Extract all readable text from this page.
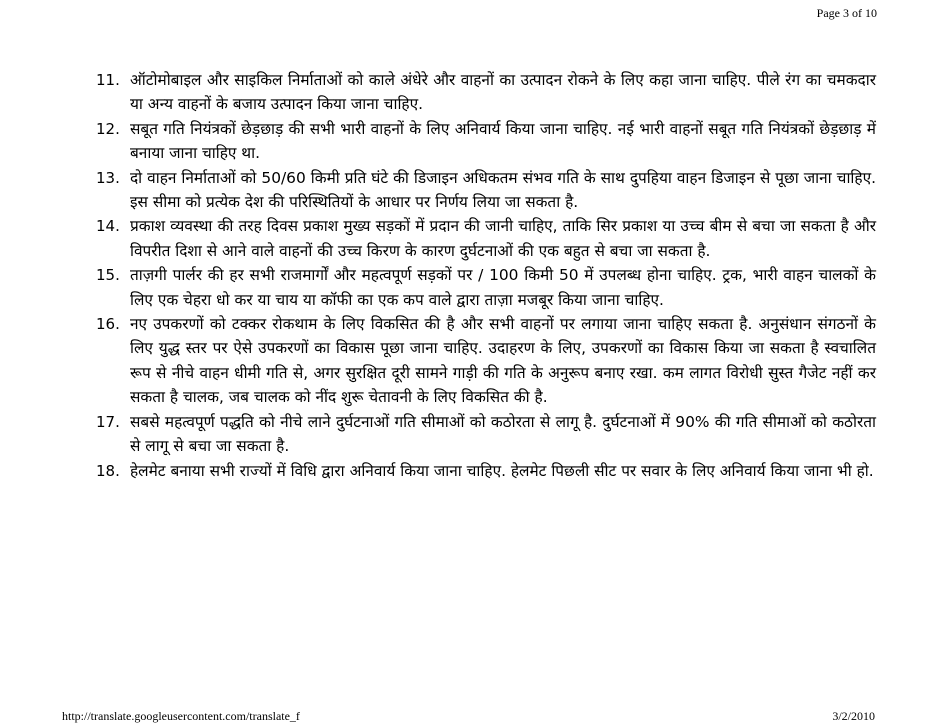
Page 3 of 10
11. ऑटोमोबाइल और साइकिल निर्माताओं को काले अंधेरे और वाहनों का उत्पादन रोकने के लिए कहा जाना चाहिए. पीले रंग का चमकदार या अन्य वाहनों के बजाय उत्पादन किया जाना चाहिए.
12. सबूत गति नियंत्रकों छेड़छाड़ की सभी भारी वाहनों के लिए अनिवार्य किया जाना चाहिए. नई भारी वाहनों सबूत गति नियंत्रकों छेड़छाड़ में बनाया जाना चाहिए था.
13. दो वाहन निर्माताओं को 50/60 किमी प्रति घंटे की डिजाइन अधिकतम संभव गति के साथ दुपहिया वाहन डिजाइन से पूछा जाना चाहिए. इस सीमा को प्रत्येक देश की परिस्थितियों के आधार पर निर्णय लिया जा सकता है.
14. प्रकाश व्यवस्था की तरह दिवस प्रकाश मुख्य सड़कों में प्रदान की जानी चाहिए, ताकि सिर प्रकाश या उच्च बीम से बचा जा सकता है और विपरीत दिशा से आने वाले वाहनों की उच्च किरण के कारण दुर्घटनाओं की एक बहुत से बचा जा सकता है.
15. ताज़गी पार्लर की हर सभी राजमार्गों और महत्वपूर्ण सड़कों पर / 100 किमी 50 में उपलब्ध होना चाहिए. ट्रक, भारी वाहन चालकों के लिए एक चेहरा धो कर या चाय या कॉफी का एक कप वाले द्वारा ताज़ा मजबूर किया जाना चाहिए.
16. नए उपकरणों को टक्कर रोकथाम के लिए विकसित की है और सभी वाहनों पर लगाया जाना चाहिए सकता है. अनुसंधान संगठनों के लिए युद्ध स्तर पर ऐसे उपकरणों का विकास पूछा जाना चाहिए. उदाहरण के लिए, उपकरणों का विकास किया जा सकता है स्वचालित रूप से नीचे वाहन धीमी गति से, अगर सुरक्षित दूरी सामने गाड़ी की गति के अनुरूप बनाए रखा. कम लागत विरोधी सुस्त गैजेट नहीं कर सकता है चालक, जब चालक को नींद शुरू चेतावनी के लिए विकसित की है.
17. सबसे महत्वपूर्ण पद्धति को नीचे लाने दुर्घटनाओं गति सीमाओं को कठोरता से लागू है. दुर्घटनाओं में 90% की गति सीमाओं को कठोरता से लागू से बचा जा सकता है.
18. हेलमेट बनाया सभी राज्यों में विधि द्वारा अनिवार्य किया जाना चाहिए. हेलमेट पिछली सीट पर सवार के लिए अनिवार्य किया जाना भी हो.
http://translate.googleusercontent.com/translate_f	3/2/2010
